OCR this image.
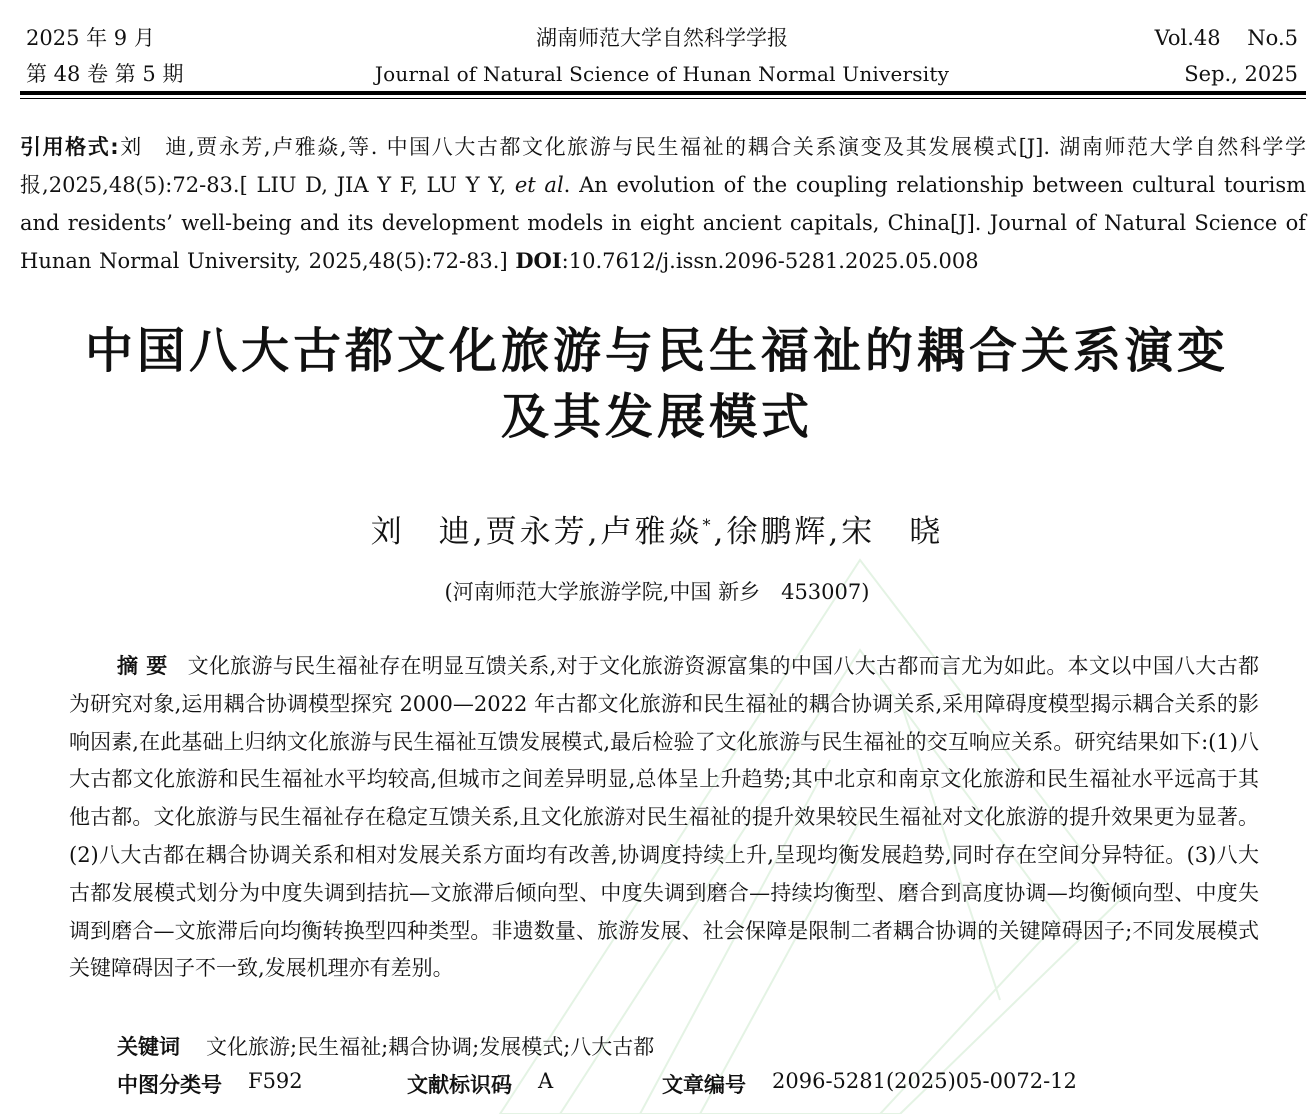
2025 年 9 月	湖南师范大学自然科学学报	Vol.48    No.5
第 48 卷 第 5 期	Journal of Natural Science of Hunan Normal University	Sep., 2025
引用格式:刘　迪,贾永芳,卢雅焱,等. 中国八大古都文化旅游与民生福祉的耦合关系演变及其发展模式[J]. 湖南师范大学自然科学学报,2025,48(5):72-83.[ LIU D, JIA Y F, LU Y Y, et al. An evolution of the coupling relationship between cultural tourism and residents’ well-being and its development models in eight ancient capitals, China[J]. Journal of Natural Science of Hunan Normal University, 2025,48(5):72-83.] DOI:10.7612/j.issn.2096-5281.2025.05.008
中国八大古都文化旅游与民生福祉的耦合关系演变
及其发展模式
刘　迪,贾永芳,卢雅焱*,徐鹏辉,宋　晓
(河南师范大学旅游学院,中国 新乡　453007)
摘要 文化旅游与民生福祉存在明显互馈关系,对于文化旅游资源富集的中国八大古都而言尤为如此。本文以中国八大古都为研究对象,运用耦合协调模型探究 2000—2022 年古都文化旅游和民生福祉的耦合协调关系,采用障碍度模型揭示耦合关系的影响因素,在此基础上归纳文化旅游与民生福祉互馈发展模式,最后检验了文化旅游与民生福祉的交互响应关系。研究结果如下:(1)八大古都文化旅游和民生福祉水平均较高,但城市之间差异明显,总体呈上升趋势;其中北京和南京文化旅游和民生福祉水平远高于其他古都。文化旅游与民生福祉存在稳定互馈关系,且文化旅游对民生福祉的提升效果较民生福祉对文化旅游的提升效果更为显著。(2)八大古都在耦合协调关系和相对发展关系方面均有改善,协调度持续上升,呈现均衡发展趋势,同时存在空间分异特征。(3)八大古都发展模式划分为中度失调到拮抗—文旅滞后倾向型、中度失调到磨合—持续均衡型、磨合到高度协调—均衡倾向型、中度失调到磨合—文旅滞后向均衡转换型四种类型。非遗数量、旅游发展、社会保障是限制二者耦合协调的关键障碍因子;不同发展模式关键障碍因子不一致,发展机理亦有差别。
关键词 文化旅游;民生福祉;耦合协调;发展模式;八大古都
中图分类号 F592	文献标识码 A	文章编号 2096-5281(2025)05-0072-12
